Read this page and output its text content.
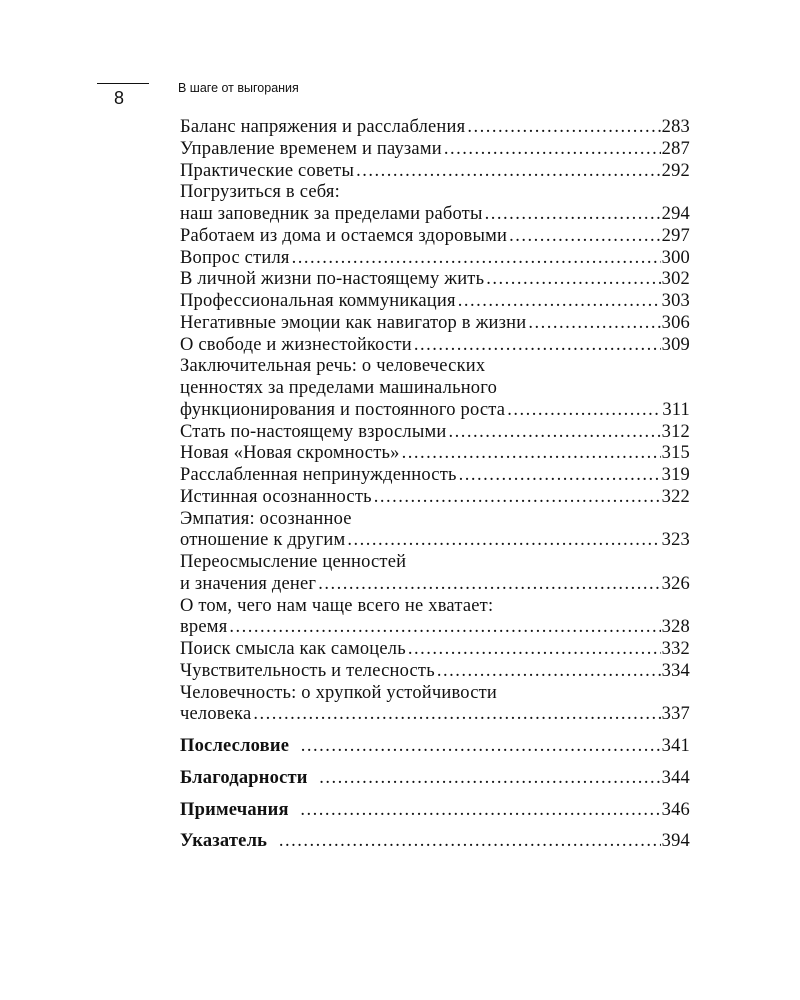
8	В шаге от выгорания
Баланс напряжения и расслабления .....	283
Управление временем и паузами .....	287
Практические советы .....	292
Погрузиться в себя:
наш заповедник за пределами работы .....	294
Работаем из дома и остаемся здоровыми .....	297
Вопрос стиля .....	300
В личной жизни по-настоящему жить .....	302
Профессиональная коммуникация .....	303
Негативные эмоции как навигатор в жизни .....	306
О свободе и жизнестойкости .....	309
Заключительная речь: о человеческих
ценностях за пределами машинального
функционирования и постоянного роста .....	311
Стать по-настоящему взрослыми .....	312
Новая «Новая скромность» .....	315
Расслабленная непринужденность .....	319
Истинная осознанность .....	322
Эмпатия: осознанное
отношение к другим .....	323
Переосмысление ценностей
и значения денег .....	326
О том, чего нам чаще всего не хватает:
время .....	328
Поиск смысла как самоцель .....	332
Чувствительность и телесность .....	334
Человечность: о хрупкой устойчивости
человека .....	337
Послесловие .....	341
Благодарности .....	344
Примечания .....	346
Указатель .....	394
